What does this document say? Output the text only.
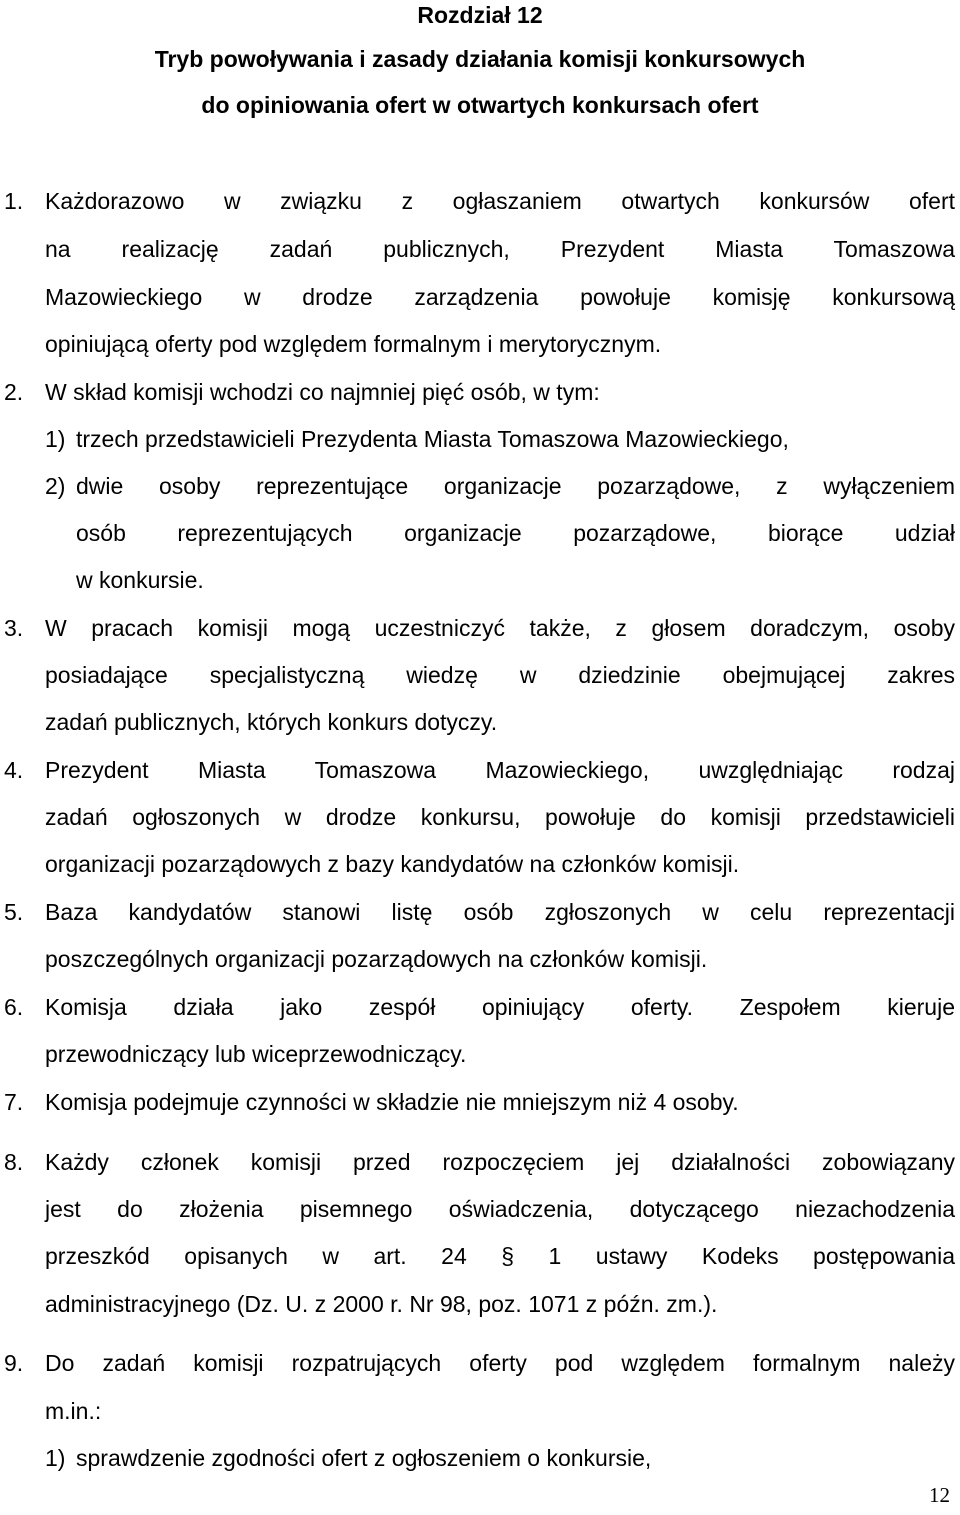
Rozdział 12
Tryb powoływania i zasady działania komisji konkursowych
do opiniowania ofert w otwartych konkursach ofert
1. Każdorazowo w związku z ogłaszaniem otwartych konkursów ofert
na realizację zadań publicznych, Prezydent Miasta Tomaszowa
Mazowieckiego w drodze zarządzenia powołuje komisję konkursową
opiniującą oferty pod względem formalnym i merytorycznym.
2. W skład komisji wchodzi co najmniej pięć osób, w tym:
1) trzech przedstawicieli Prezydenta Miasta Tomaszowa Mazowieckiego,
2) dwie osoby reprezentujące organizacje pozarządowe, z wyłączeniem
osób reprezentujących organizacje pozarządowe, biorące udział
w konkursie.
3. W pracach komisji mogą uczestniczyć także, z głosem doradczym, osoby
posiadające specjalistyczną wiedzę w dziedzinie obejmującej zakres
zadań publicznych, których konkurs dotyczy.
4. Prezydent Miasta Tomaszowa Mazowieckiego, uwzględniając rodzaj
zadań ogłoszonych w drodze konkursu, powołuje do komisji przedstawicieli
organizacji pozarządowych z bazy kandydatów na członków komisji.
5. Baza kandydatów stanowi listę osób zgłoszonych w celu reprezentacji
poszczególnych organizacji pozarządowych na członków komisji.
6. Komisja działa jako zespół opiniujący oferty. Zespołem kieruje
przewodniczący lub wiceprzewodniczący.
7. Komisja podejmuje czynności w składzie nie mniejszym niż 4 osoby.
8. Każdy członek komisji przed rozpoczęciem jej działalności zobowiązany
jest do złożenia pisemnego oświadczenia, dotyczącego niezachodzenia
przeszkód opisanych w art. 24 § 1 ustawy Kodeks postępowania
administracyjnego (Dz. U. z 2000 r. Nr 98, poz. 1071 z późn. zm.).
9. Do zadań komisji rozpatrujących oferty pod względem formalnym należy
m.in.:
1) sprawdzenie zgodności ofert z ogłoszeniem o konkursie,
12
